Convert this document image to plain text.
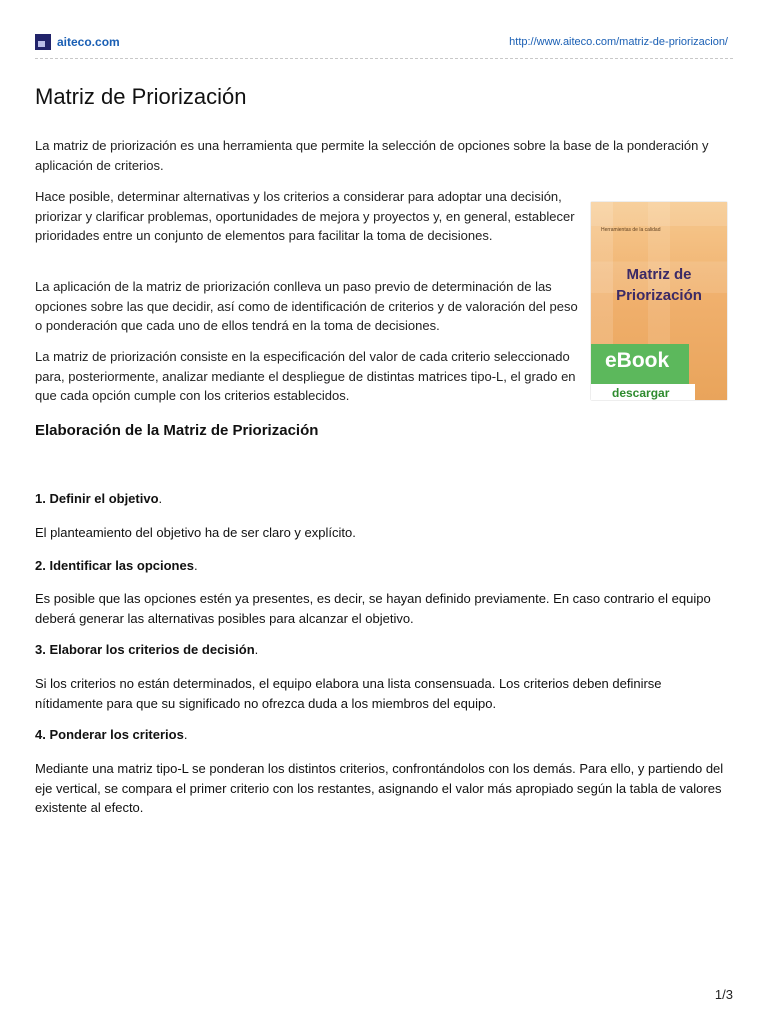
aiteco.com	http://www.aiteco.com/matriz-de-priorizacion/
Matriz de Priorización

La matriz de priorización es una herramienta que permite la selección de opciones sobre la base de la ponderación y aplicación de criterios.

Hace posible, determinar alternativas y los criterios a considerar para adoptar una decisión, priorizar y clarificar problemas, oportunidades de mejora y proyectos y, en general, establecer prioridades entre un conjunto de elementos para facilitar la toma de decisiones.

La aplicación de la matriz de priorización conlleva un paso previo de determinación de las opciones sobre las que decidir, así como de identificación de criterios y de valoración del peso o ponderación que cada uno de ellos tendrá en la toma de decisiones.

La matriz de priorización consiste en la especificación del valor de cada criterio seleccionado para, posteriormente, analizar mediante el despliegue de distintas matrices tipo-L, el grado en que cada opción cumple con los criterios establecidos.

Herramientas de la calidad
Matriz de Priorización
eBook
descargar
Elaboración de la Matriz de Priorización
1. Definir el objetivo.
El planteamiento del objetivo ha de ser claro y explícito.
2. Identificar las opciones.
Es posible que las opciones estén ya presentes, es decir, se hayan definido previamente. En caso contrario el equipo deberá generar las alternativas posibles para alcanzar el objetivo.
3. Elaborar los criterios de decisión.
Si los criterios no están determinados, el equipo elabora una lista consensuada. Los criterios deben definirse nítidamente para que su significado no ofrezca duda a los miembros del equipo.
4. Ponderar los criterios.
Mediante una matriz tipo-L se ponderan los distintos criterios, confrontándolos con los demás. Para ello, y partiendo del eje vertical, se compara el primer criterio con los restantes, asignando el valor más apropiado según la tabla de valores existente al efecto.
1/3
